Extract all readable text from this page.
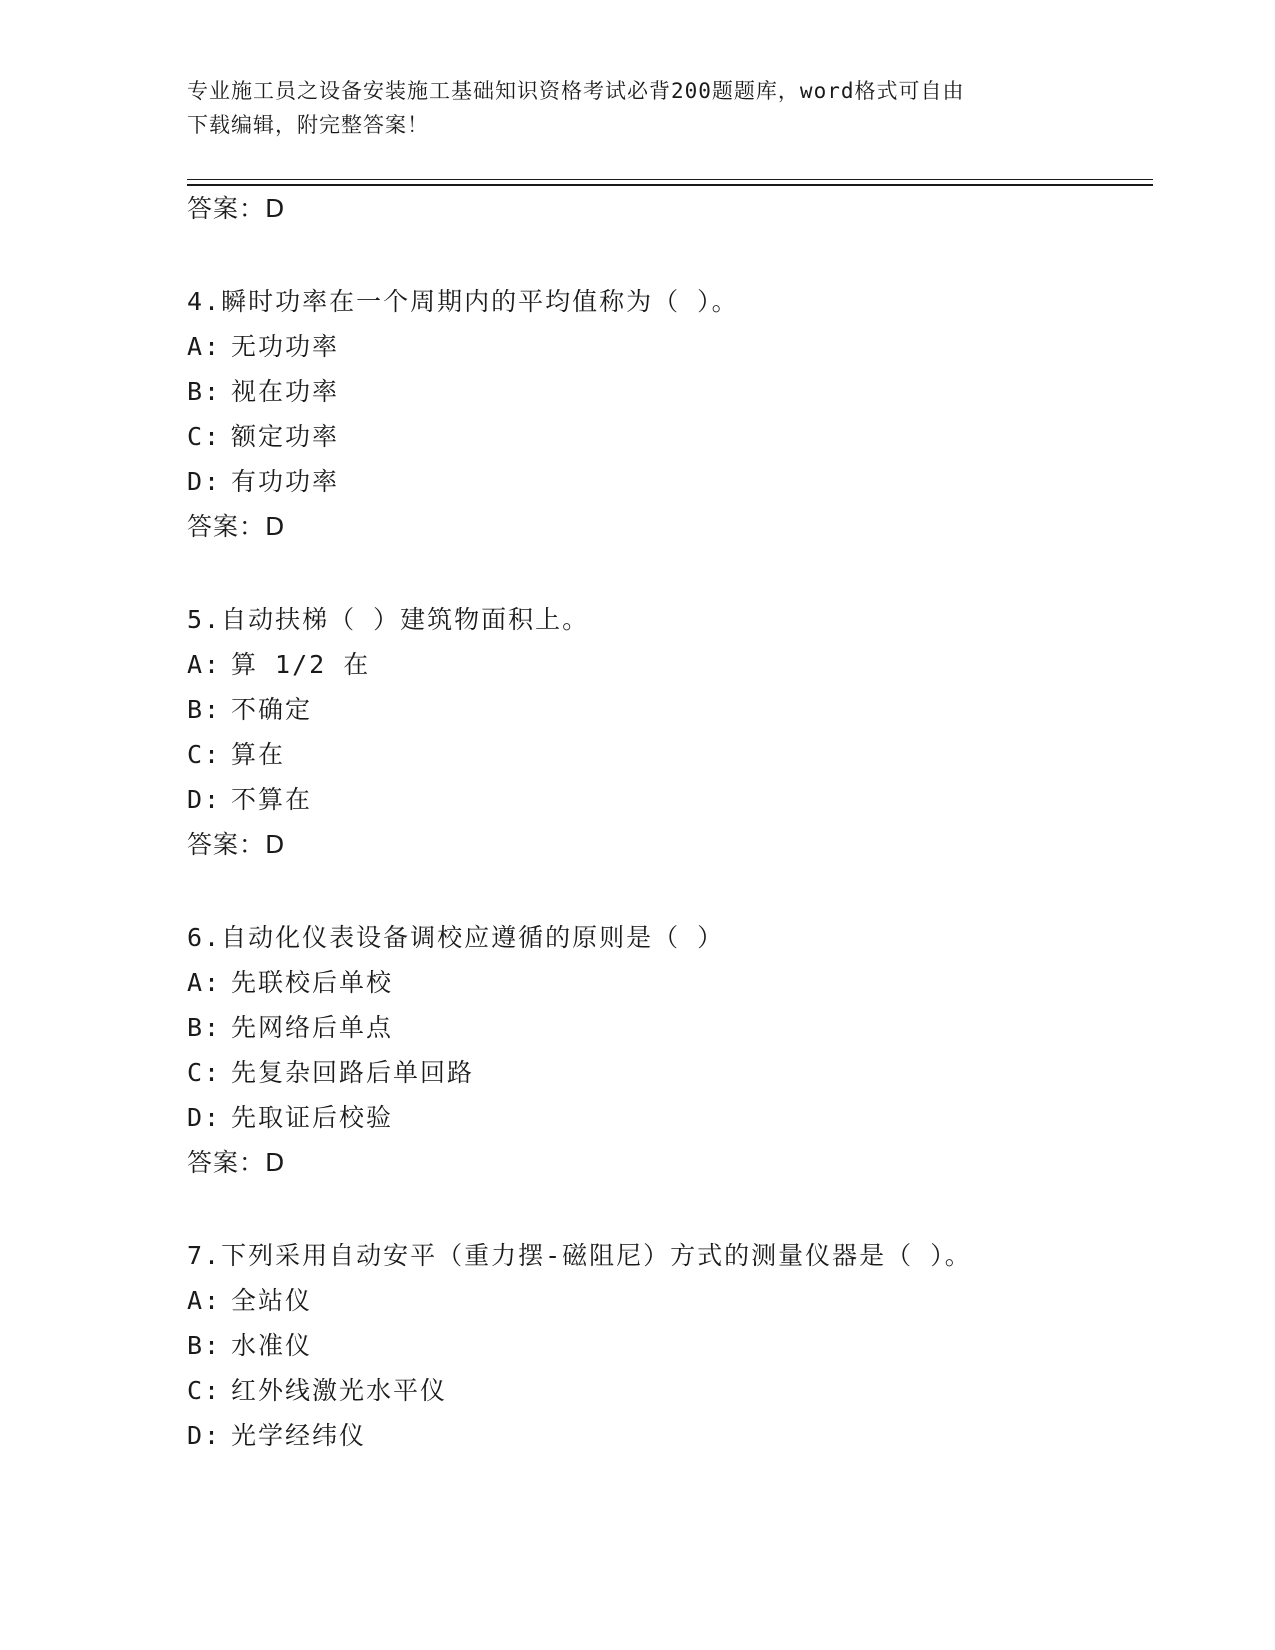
专业施工员之设备安装施工基础知识资格考试必背200题题库，word格式可自由
下载编辑，附完整答案！
答案：D
4.瞬时功率在一个周期内的平均值称为（ ）。
A: 无功功率
B: 视在功率
C: 额定功率
D: 有功功率
答案：D
5.自动扶梯（ ）建筑物面积上。
A: 算 1/2 在
B: 不确定
C: 算在
D: 不算在
答案：D
6.自动化仪表设备调校应遵循的原则是（ ）
A: 先联校后单校
B: 先网络后单点
C: 先复杂回路后单回路
D: 先取证后校验
答案：D
7.下列采用自动安平（重力摆-磁阻尼）方式的测量仪器是（ ）。
A: 全站仪
B: 水准仪
C: 红外线激光水平仪
D: 光学经纬仪
